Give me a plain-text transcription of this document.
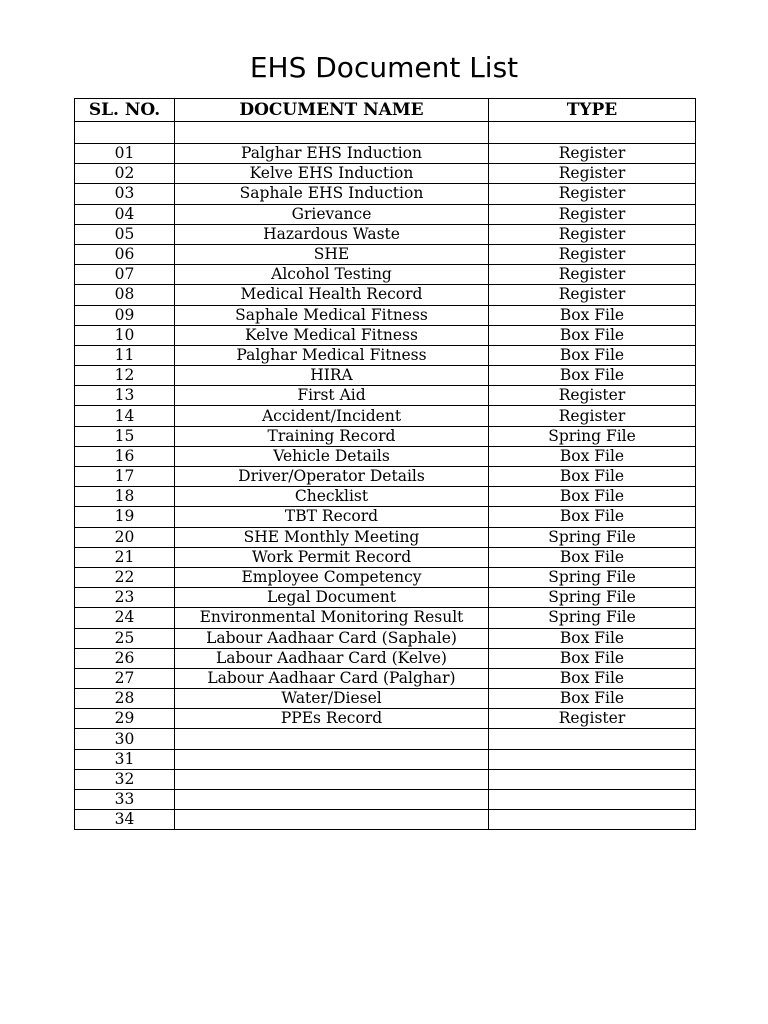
EHS Document List
SL. NO.	DOCUMENT NAME	TYPE

01	Palghar EHS Induction	Register
02	Kelve EHS Induction	Register
03	Saphale EHS Induction	Register
04	Grievance	Register
05	Hazardous Waste	Register
06	SHE	Register
07	Alcohol Testing	Register
08	Medical Health Record	Register
09	Saphale Medical Fitness	Box File
10	Kelve Medical Fitness	Box File
11	Palghar Medical Fitness	Box File
12	HIRA	Box File
13	First Aid	Register
14	Accident/Incident	Register
15	Training Record	Spring File
16	Vehicle Details	Box File
17	Driver/Operator Details	Box File
18	Checklist	Box File
19	TBT Record	Box File
20	SHE Monthly Meeting	Spring File
21	Work Permit Record	Box File
22	Employee Competency	Spring File
23	Legal Document	Spring File
24	Environmental Monitoring Result	Spring File
25	Labour Aadhaar Card (Saphale)	Box File
26	Labour Aadhaar Card (Kelve)	Box File
27	Labour Aadhaar Card (Palghar)	Box File
28	Water/Diesel	Box File
29	PPEs Record	Register
30		
31		
32		
33		
34		
